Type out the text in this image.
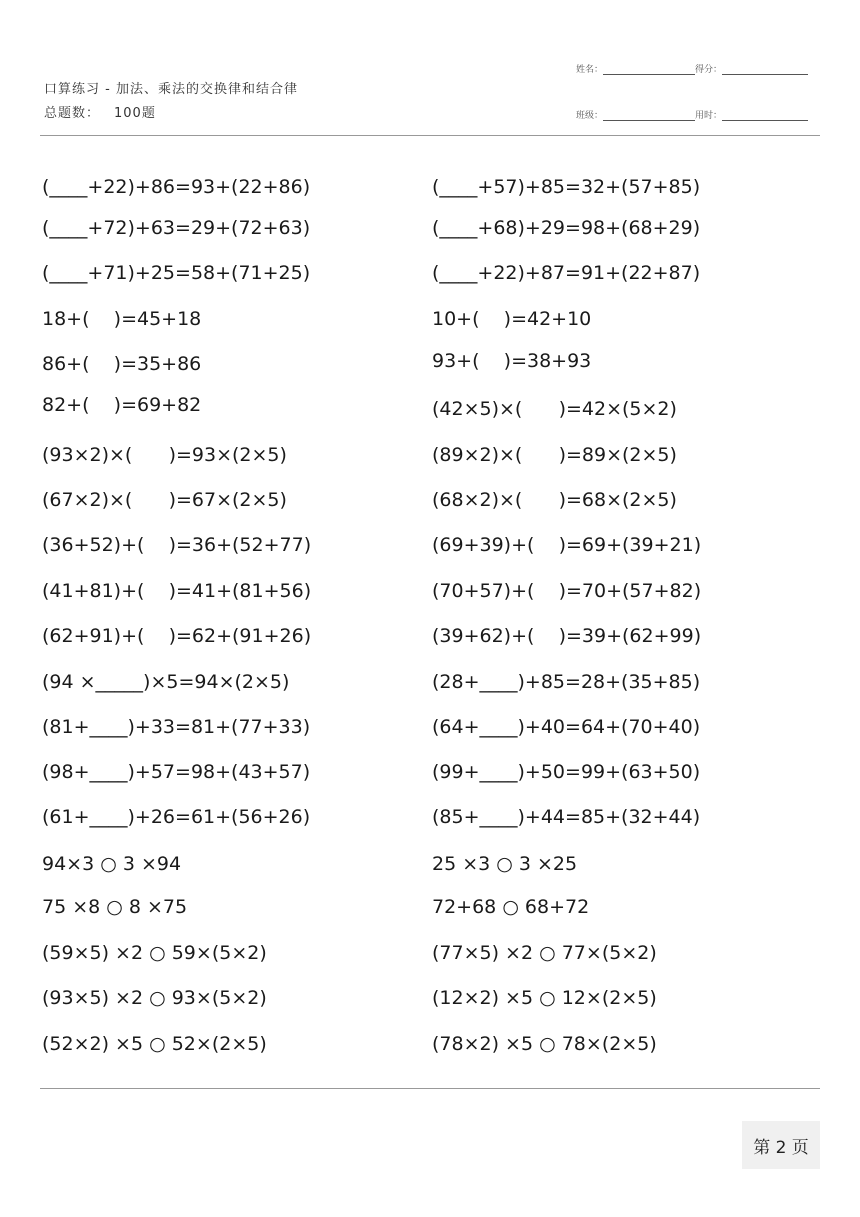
口算练习 - 加法、乘法的交换律和结合律
总题数： 100题
姓名：	得分：
班级：	用时：
(____+22)+86=93+(22+86)
(____+72)+63=29+(72+63)
(____+71)+25=58+(71+25)
18+(    )=45+18
86+(    )=35+86
82+(    )=69+82
(93×2)×(      )=93×(2×5)
(67×2)×(      )=67×(2×5)
(36+52)+(    )=36+(52+77)
(41+81)+(    )=41+(81+56)
(62+91)+(    )=62+(91+26)
(94 ×_____)×5=94×(2×5)
(81+____)+33=81+(77+33)
(98+____)+57=98+(43+57)
(61+____)+26=61+(56+26)
94×3 ○ 3 ×94
75 ×8 ○ 8 ×75
(59×5) ×2 ○ 59×(5×2)
(93×5) ×2 ○ 93×(5×2)
(52×2) ×5 ○ 52×(2×5)
(____+57)+85=32+(57+85)
(____+68)+29=98+(68+29)
(____+22)+87=91+(22+87)
10+(    )=42+10
93+(    )=38+93
(42×5)×(      )=42×(5×2)
(89×2)×(      )=89×(2×5)
(68×2)×(      )=68×(2×5)
(69+39)+(    )=69+(39+21)
(70+57)+(    )=70+(57+82)
(39+62)+(    )=39+(62+99)
(28+____)+85=28+(35+85)
(64+____)+40=64+(70+40)
(99+____)+50=99+(63+50)
(85+____)+44=85+(32+44)
25 ×3 ○ 3 ×25
72+68 ○ 68+72
(77×5) ×2 ○ 77×(5×2)
(12×2) ×5 ○ 12×(2×5)
(78×2) ×5 ○ 78×(2×5)
第 2 页
